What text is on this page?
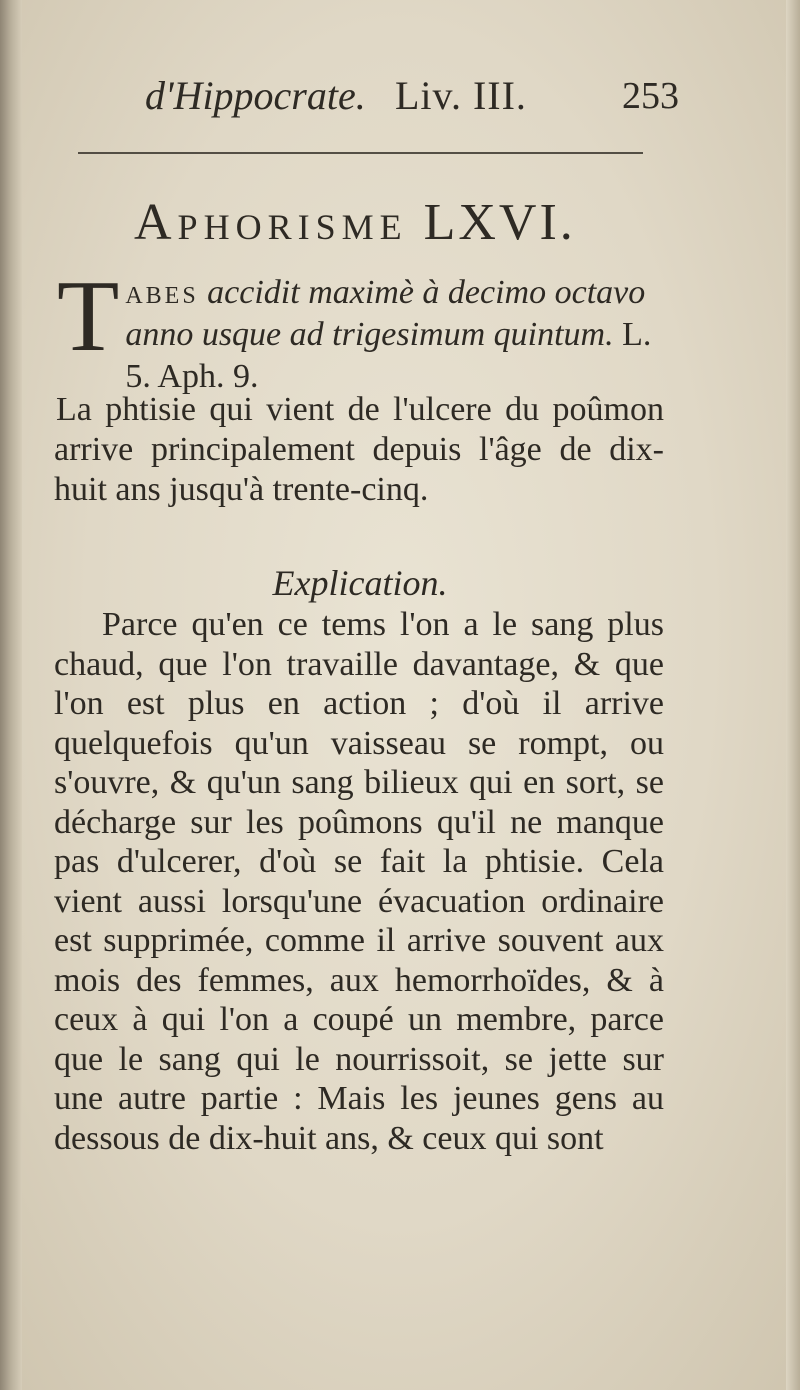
d'Hippocrate. Liv. III.	253
Aphorisme LXVI.
Tabes accidit maximè à decimo octavo anno usque ad trigesimum quintum. L. 5. Aph. 9.
La phtisie qui vient de l'ulcere du poûmon arrive principalement depuis l'âge de dix-huit ans jusqu'à trente-cinq.
Explication.
Parce qu'en ce tems l'on a le sang plus chaud, que l'on travaille davantage, & que l'on est plus en action ; d'où il arrive quelquefois qu'un vaisseau se rompt, ou s'ouvre, & qu'un sang bilieux qui en sort, se décharge sur les poûmons qu'il ne manque pas d'ulcerer, d'où se fait la phtisie. Cela vient aussi lorsqu'une évacuation ordinaire est supprimée, comme il arrive souvent aux mois des femmes, aux hemorrhoïdes, & à ceux à qui l'on a coupé un membre, parce que le sang qui le nourrissoit, se jette sur une autre partie : Mais les jeunes gens au dessous de dix-huit ans, & ceux qui sont
